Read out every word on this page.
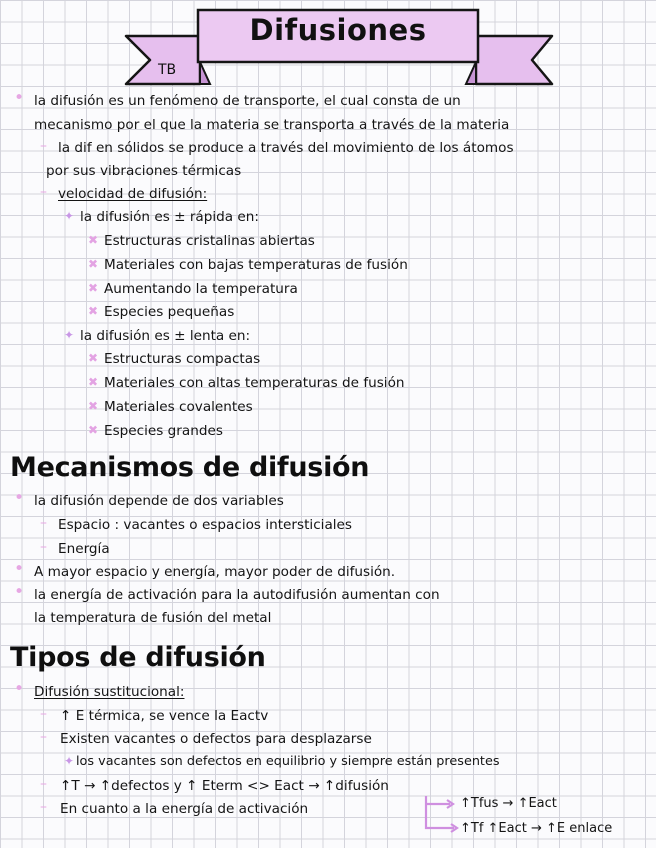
Difusiones
TB
• la difusión es un fenómeno de transporte, el cual consta de un
mecanismo por el que la materia se transporta a través de la materia
– la dif en sólidos se produce a través del movimiento de los átomos
por sus vibraciones térmicas
– velocidad de difusión:
✦ la difusión es ± rápida en:
✖ Estructuras cristalinas abiertas
✖ Materiales con bajas temperaturas de fusión
✖ Aumentando la temperatura
✖ Especies pequeñas
✦ la difusión es ± lenta en:
✖ Estructuras compactas
✖ Materiales con altas temperaturas de fusión
✖ Materiales covalentes
✖ Especies grandes
Mecanismos de difusión
• la difusión depende de dos variables
– Espacio : vacantes o espacios intersticiales
– Energía
• A mayor espacio y energía, mayor poder de difusión.
• la energía de activación para la autodifusión aumentan con
la temperatura de fusión del metal
Tipos de difusión
• Difusión sustitucional:
– ↑ E térmica, se vence la Eactv
– Existen vacantes o defectos para desplazarse
✦ los vacantes son defectos en equilibrio y siempre están presentes
– ↑T → ↑defectos y ↑ Eterm <> Eact → ↑difusión
– En cuanto a la energía de activación	↑Tfus → ↑Eact
↑Tf ↑Eact → ↑E enlace
